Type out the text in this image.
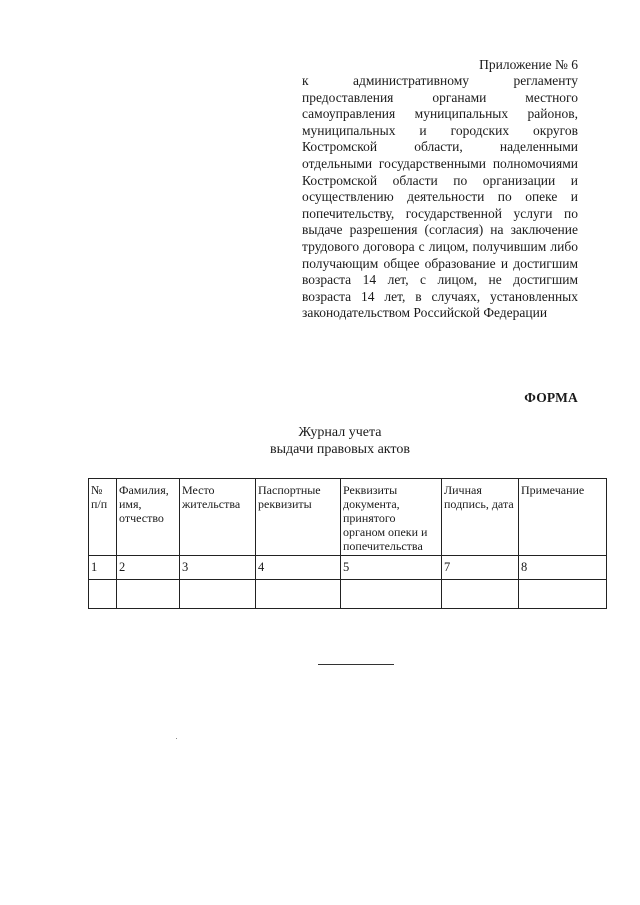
Приложение № 6
к административному регламенту предоставления органами местного самоуправления муниципальных районов, муниципальных и городских округов Костромской области, наделенными отдельными государственными полномочиями Костромской области по организации и осуществлению деятельности по опеке и попечительству, государственной услуги по выдаче разрешения (согласия) на заключение трудового договора с лицом, получившим либо получающим общее образование и достигшим возраста 14 лет, с лицом, не достигшим возраста 14 лет, в случаях, установленных законодательством Российской Федерации
ФОРМА
Журнал учета
выдачи правовых актов
№ п/п	Фамилия, имя, отчество	Место жительства	Паспортные реквизиты	Реквизиты документа, принятого органом опеки и попечительства	Личная подпись, дата	Примечание
1	2	3	4	5	7	8
